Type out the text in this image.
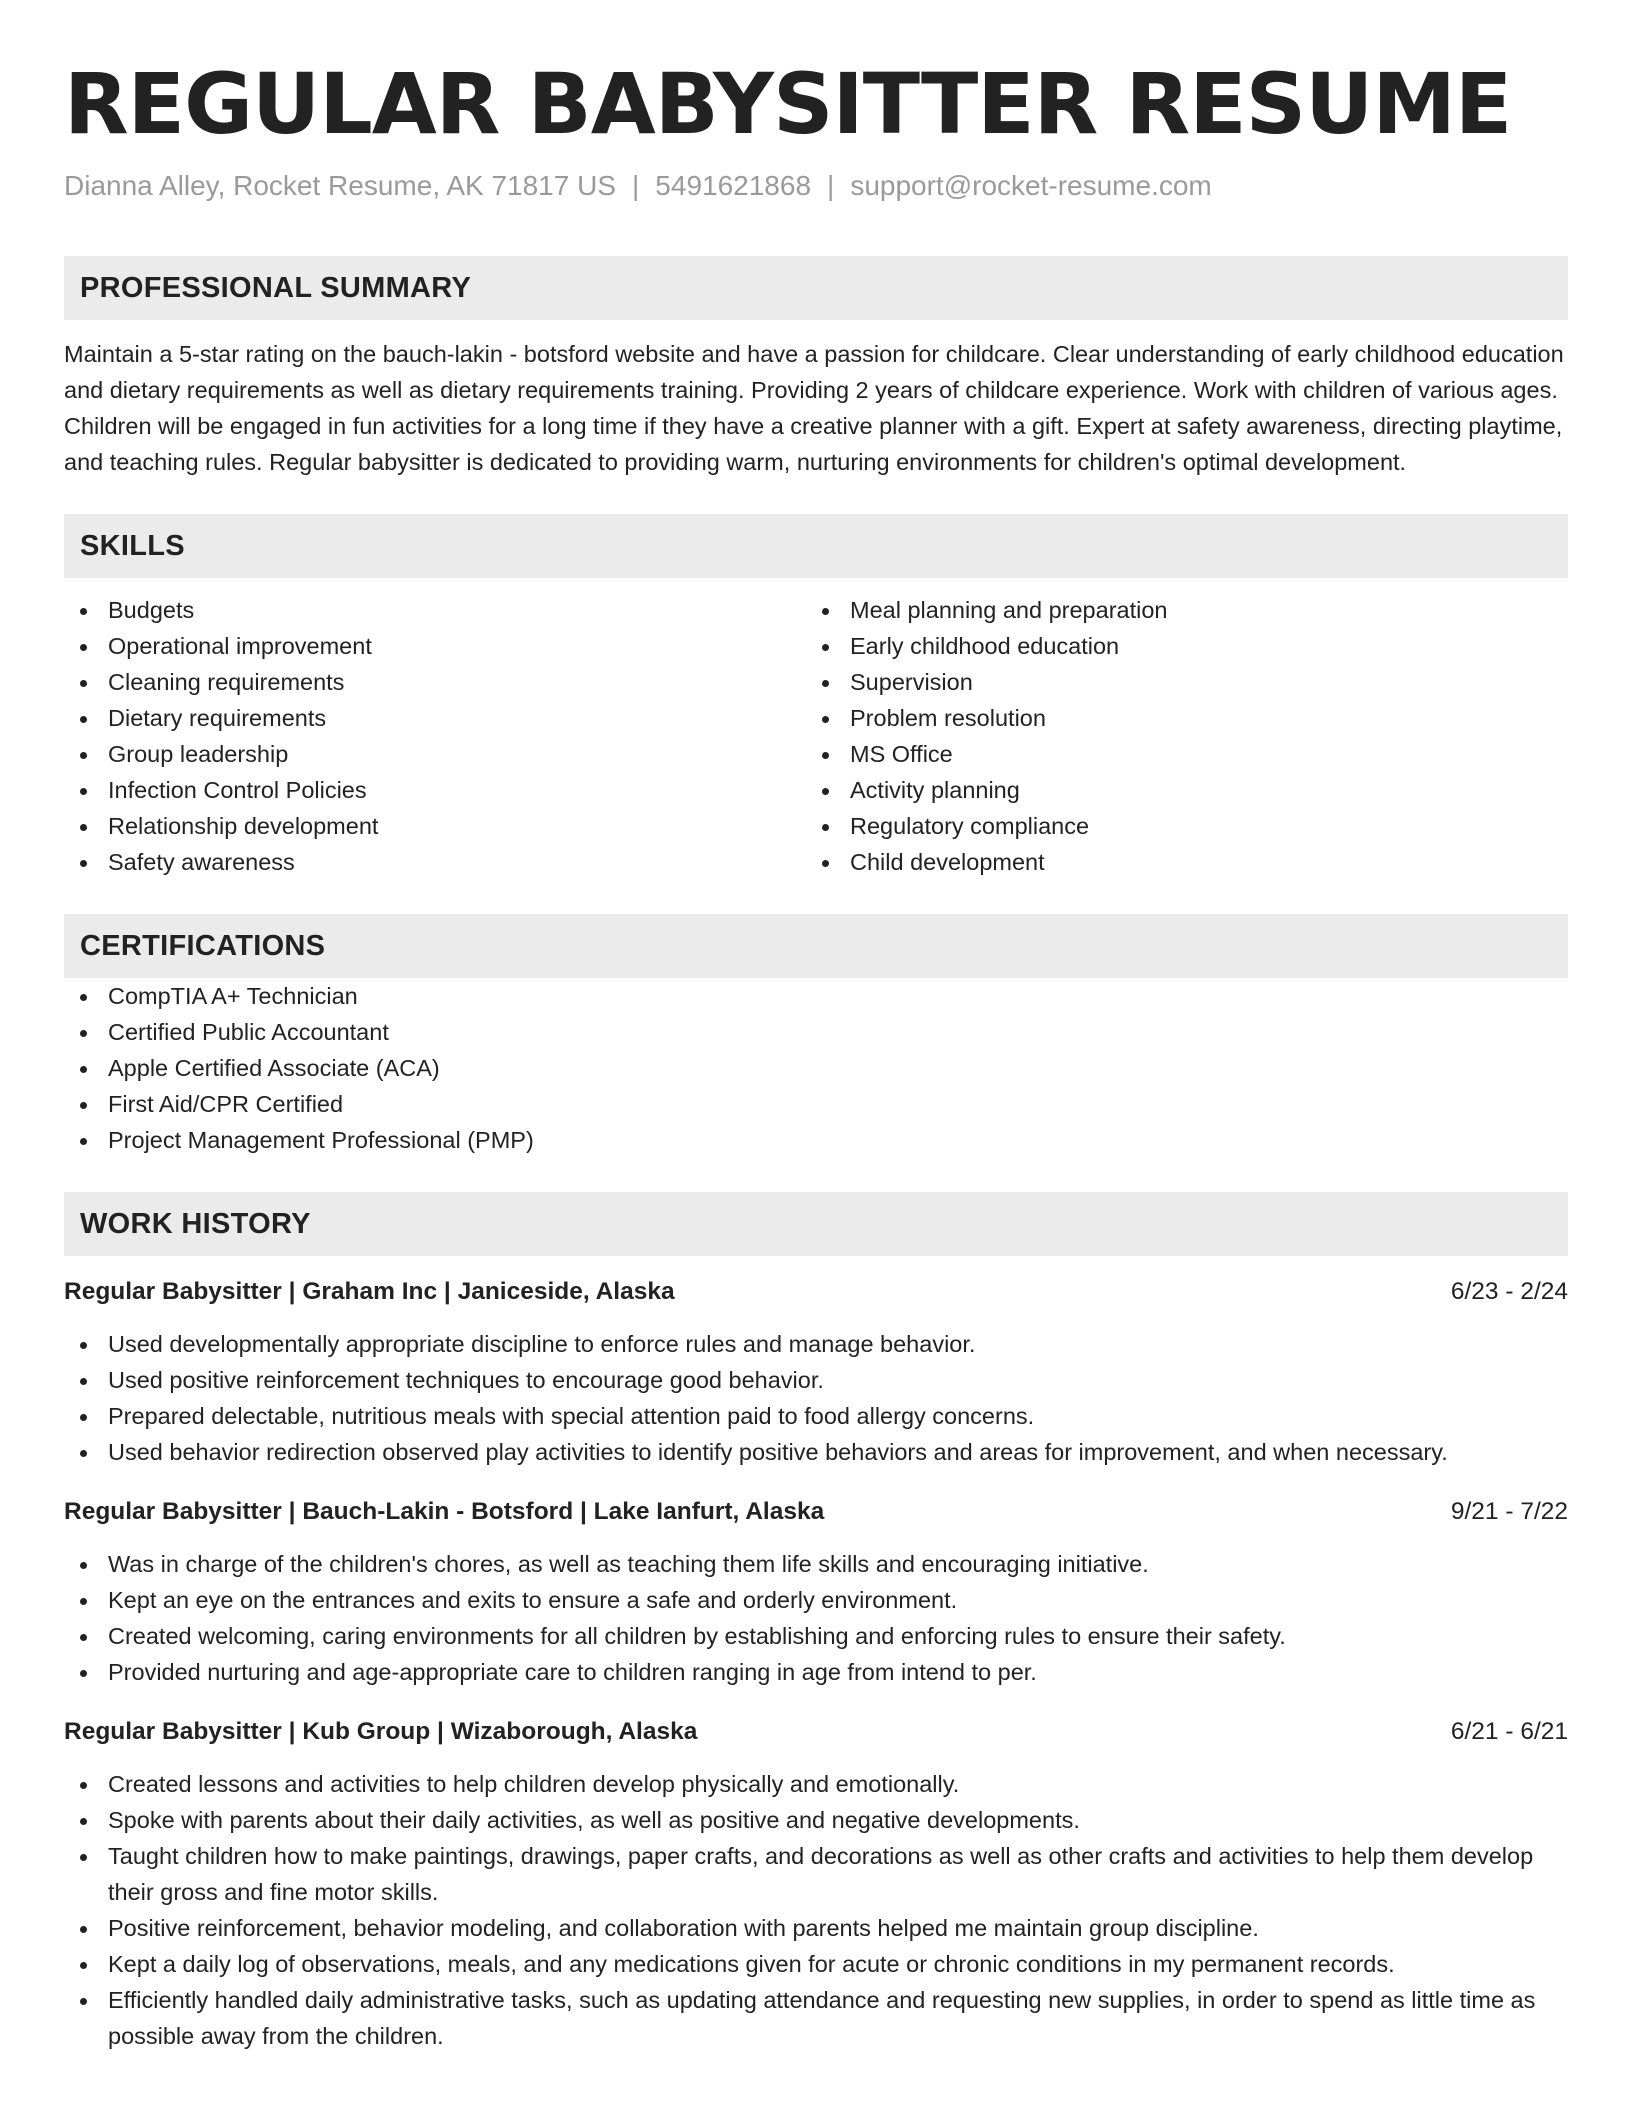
REGULAR BABYSITTER RESUME
Dianna Alley, Rocket Resume, AK 71817 US | 5491621868 | support@rocket-resume.com
PROFESSIONAL SUMMARY

Maintain a 5-star rating on the bauch-lakin - botsford website and have a passion for childcare. Clear understanding of early childhood education and dietary requirements as well as dietary requirements training. Providing 2 years of childcare experience. Work with children of various ages. Children will be engaged in fun activities for a long time if they have a creative planner with a gift. Expert at safety awareness, directing playtime, and teaching rules. Regular babysitter is dedicated to providing warm, nurturing environments for children's optimal development.

SKILLS
Budgets
Operational improvement
Cleaning requirements
Dietary requirements
Group leadership
Infection Control Policies
Relationship development
Safety awareness
Meal planning and preparation
Early childhood education
Supervision
Problem resolution
MS Office
Activity planning
Regulatory compliance
Child development
CERTIFICATIONS
CompTIA A+ Technician
Certified Public Accountant
Apple Certified Associate (ACA)
First Aid/CPR Certified
Project Management Professional (PMP)
WORK HISTORY
Regular Babysitter | Graham Inc | Janiceside, Alaska	6/23 - 2/24
Used developmentally appropriate discipline to enforce rules and manage behavior.
Used positive reinforcement techniques to encourage good behavior.
Prepared delectable, nutritious meals with special attention paid to food allergy concerns.
Used behavior redirection observed play activities to identify positive behaviors and areas for improvement, and when necessary.
Regular Babysitter | Bauch-Lakin - Botsford | Lake Ianfurt, Alaska	9/21 - 7/22
Was in charge of the children's chores, as well as teaching them life skills and encouraging initiative.
Kept an eye on the entrances and exits to ensure a safe and orderly environment.
Created welcoming, caring environments for all children by establishing and enforcing rules to ensure their safety.
Provided nurturing and age-appropriate care to children ranging in age from intend to per.
Regular Babysitter | Kub Group | Wizaborough, Alaska	6/21 - 6/21
Created lessons and activities to help children develop physically and emotionally.
Spoke with parents about their daily activities, as well as positive and negative developments.
Taught children how to make paintings, drawings, paper crafts, and decorations as well as other crafts and activities to help them develop their gross and fine motor skills.
Positive reinforcement, behavior modeling, and collaboration with parents helped me maintain group discipline.
Kept a daily log of observations, meals, and any medications given for acute or chronic conditions in my permanent records.
Efficiently handled daily administrative tasks, such as updating attendance and requesting new supplies, in order to spend as little time as possible away from the children.
